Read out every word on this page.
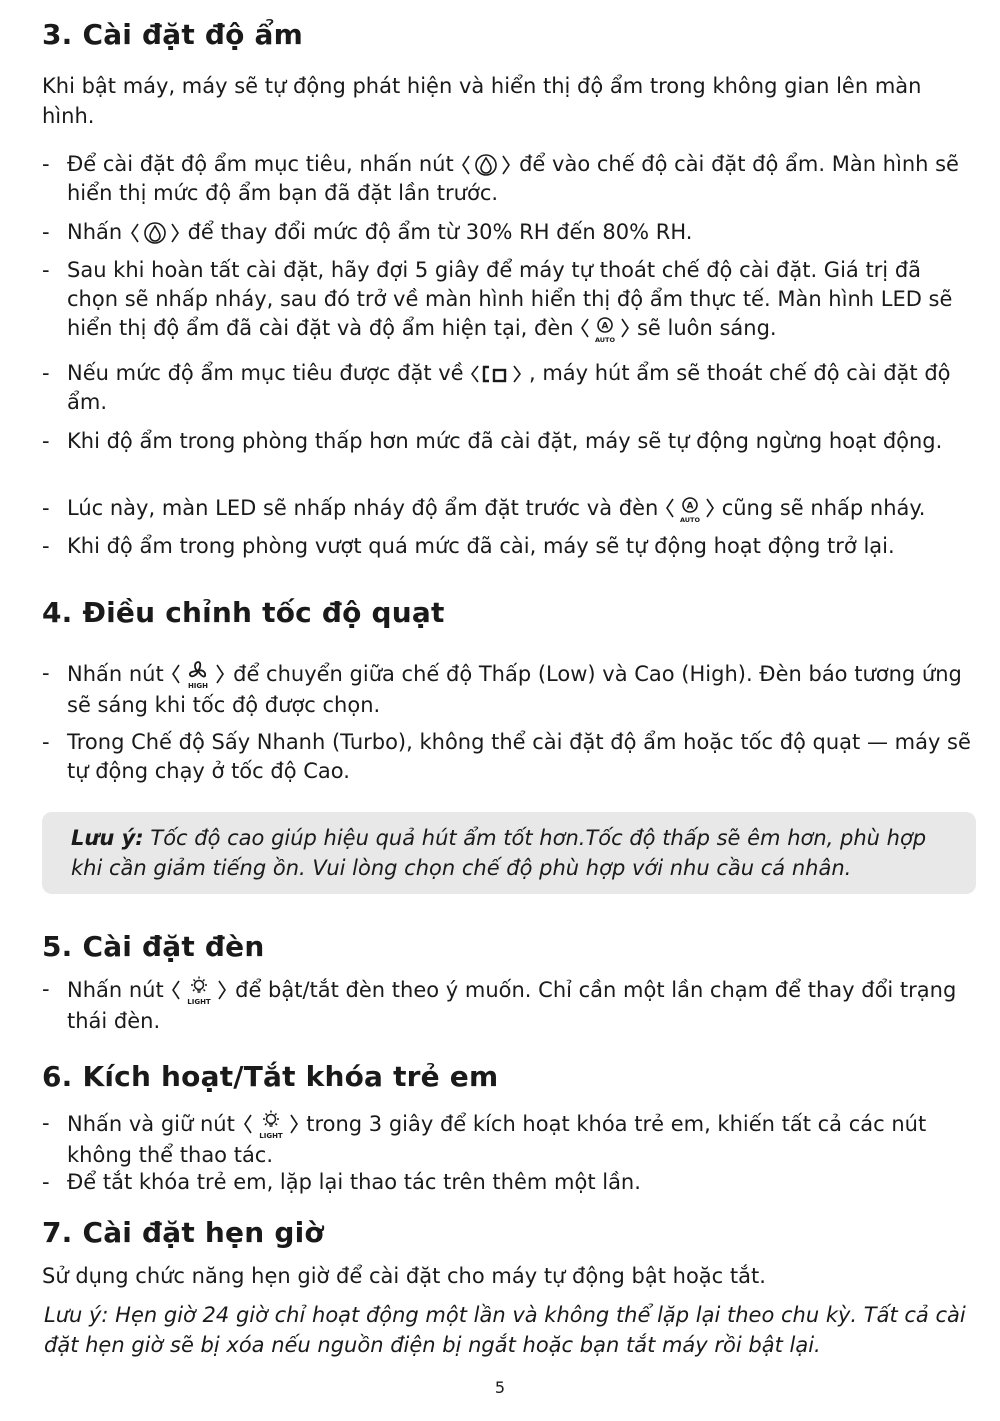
3. Cài đặt độ ẩm

Khi bật máy, máy sẽ tự động phát hiện và hiển thị độ ẩm trong không gian lên màn hình.

- Để cài đặt độ ẩm mục tiêu, nhấn nút	để vào chế độ cài đặt độ ẩm. Màn hình sẽ hiển thị mức độ ẩm bạn đã đặt lần trước.
- Nhấn	để thay đổi mức độ ẩm từ 30% RH đến 80% RH.
- Sau khi hoàn tất cài đặt, hãy đợi 5 giây để máy tự thoát chế độ cài đặt. Giá trị đã chọn sẽ nhấp nháy, sau đó trở về màn hình hiển thị độ ẩm thực tế. Màn hình LED sẽ hiển thị độ ẩm đã cài đặt và độ ẩm hiện tại, đèn	A
AUTO sẽ luôn sáng.
- Nếu mức độ ẩm mục tiêu được đặt về	, máy hút ẩm sẽ thoát chế độ cài đặt độ ẩm.
- Khi độ ẩm trong phòng thấp hơn mức đã cài đặt, máy sẽ tự động ngừng hoạt động.
- Lúc này, màn LED sẽ nhấp nháy độ ẩm đặt trước và đèn	A
AUTO cũng sẽ nhấp nháy.
- Khi độ ẩm trong phòng vượt quá mức đã cài, máy sẽ tự động hoạt động trở lại.
4. Điều chỉnh tốc độ quạt
- Nhấn nút	HIGH để chuyển giữa chế độ Thấp (Low) và Cao (High). Đèn báo tương ứng sẽ sáng khi tốc độ được chọn.
- Trong Chế độ Sấy Nhanh (Turbo), không thể cài đặt độ ẩm hoặc tốc độ quạt — máy sẽ tự động chạy ở tốc độ Cao.
Lưu ý: Tốc độ cao giúp hiệu quả hút ẩm tốt hơn.Tốc độ thấp sẽ êm hơn, phù hợp khi cần giảm tiếng ồn. Vui lòng chọn chế độ phù hợp với nhu cầu cá nhân.
5. Cài đặt đèn
- Nhấn nút	LIGHT để bật/tắt đèn theo ý muốn. Chỉ cần một lần chạm để thay đổi trạng thái đèn.
6. Kích hoạt/Tắt khóa trẻ em
- Nhấn và giữ nút	LIGHT trong 3 giây để kích hoạt khóa trẻ em, khiến tất cả các nút không thể thao tác.
- Để tắt khóa trẻ em, lặp lại thao tác trên thêm một lần.
7. Cài đặt hẹn giờ

Sử dụng chức năng hẹn giờ để cài đặt cho máy tự động bật hoặc tắt.

Lưu ý: Hẹn giờ 24 giờ chỉ hoạt động một lần và không thể lặp lại theo chu kỳ. Tất cả cài đặt hẹn giờ sẽ bị xóa nếu nguồn điện bị ngắt hoặc bạn tắt máy rồi bật lại.
5
